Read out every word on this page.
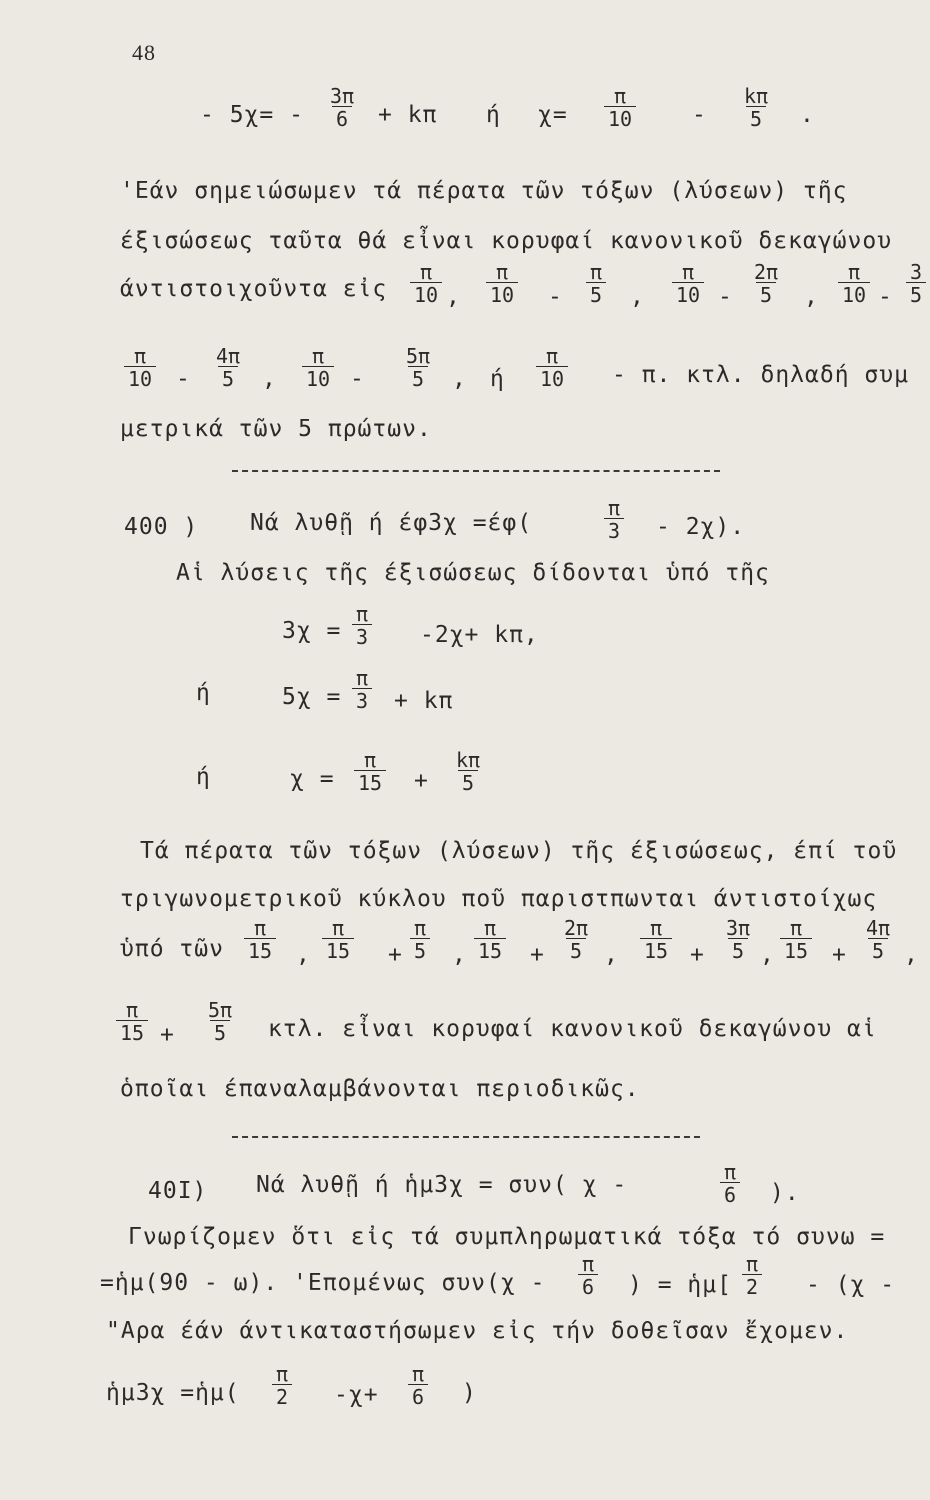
48
- $5\chi= - \frac{3\pi}{6} + k\pi$ ή $\chi= \frac{\pi}{10} - \frac{k\pi}{5}$ .
'Εάν σημειώσωμεν τά πέρατα τῶν τόξων (λύσεων) τῆς
έξισώσεως ταῦτα θά εἶναι κορυφαί κανονικοῦ δεκαγώνου
άντιστοιχοῦντα εἰς $\frac{\pi}{10} \frac{\pi}{10}$	$\frac{\pi}{5}$	$\frac{\pi}{10} \frac{2\pi}{5}$	$\frac{\pi}{10} \frac{3}{5}$
,	-	,	-	,	-
$\frac{\pi}{10}$	$\frac{4\pi}{5}$	$\frac{\pi}{10}$	$\frac{5\pi}{5}$	$\frac{\pi}{10}$
-	,	-	, ή	- π. κτλ. δηλαδή συμ
μετρικά τῶν 5 πρώτων.
400 ) Νά λυθῇ ή έφ3χ =έφ(	$\frac{\pi}{3} - 2\chi$).
Αἱ λύσεις τῆς έξισώσεως δίδονται ὑπό τῆς
$3\chi = \frac{\pi}{3} -2\chi+ k\pi$,
ή	$5\chi = \frac{\pi}{3} + k\pi$
ή	$\chi = \frac{\pi}{15} + \frac{k\pi}{5}$
Τά πέρατα τῶν τόξων (λύσεων) τῆς έξισώσεως, έπί τοῦ
τριγωνομετρικοῦ κύκλου ποῦ παριστπωνται άντιστοίχως
ὑπό τῶν $\frac{\pi}{15} \frac{\pi}{15}$	$\frac{\pi}{5} \frac{\pi}{15}$	$\frac{2\pi}{5} \frac{\pi}{15} \frac{3\pi}{5} \frac{\pi}{15} \frac{4\pi}{5}$
,	+ ,	+	,	+ , + ,
$\frac{\pi}{15} + \frac{5\pi}{5} \kappa\tau\lambda$. εἶναι κορυφαί κανονικοῦ δεκαγώνου αἱ
ὁποῖαι έπαναλαμβάνονται περιοδικῶς.
40I) Νά λυθῇ ή ἡμ3χ = συν( χ -	$\frac{\pi}{6}$ ).
Γνωρίζομεν ὅτι εἰς τά συμπληρωματικά τόξα τό συνω =
=ἡμ(90 - ω). 'Επομένως $\sigma\upsilon\nu(\chi - \frac{\pi}{6}$ ) = ἡμ[ $\frac{\pi}{2} - (\chi$ -
"Αρα έάν άντικαταστήσωμεν εἰς τήν δοθεῖσαν ἔχομεν.
ἡμ3χ =ἡμ( $\frac{\pi}{2} -\chi+ \frac{\pi}{6}$ )
